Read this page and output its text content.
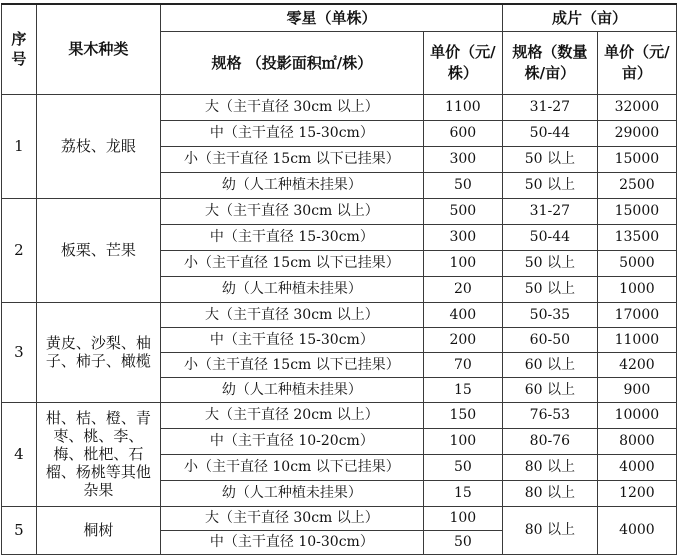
序号	果木种类	零星（单株）		成片（亩）	
		规格 （投影面积㎡/株）	单价（元/株）	规格（数量株/亩）	单价（元/亩）
1	荔枝、龙眼	大（主干直径 30cm 以上）	1100	31-27	32000
		中（主干直径 15-30cm）	600	50-44	29000
		小（主干直径 15cm 以下已挂果）	300	50 以上	15000
		幼（人工种植未挂果）	50	50 以上	2500
2	板栗、芒果	大（主干直径 30cm 以上）	500	31-27	15000
		中（主干直径 15-30cm）	300	50-44	13500
		小（主干直径 15cm 以下已挂果）	100	50 以上	5000
		幼（人工种植未挂果）	20	50 以上	1000
3	黄皮、沙梨、柚子、柿子、橄榄	大（主干直径 30cm 以上）	400	50-35	17000
		中（主干直径 15-30cm）	200	60-50	11000
		小（主干直径 15cm 以下已挂果）	70	60 以上	4200
		幼（人工种植未挂果）	15	60 以上	900
4	柑、桔、橙、青枣、桃、李、梅、枇杷、石榴、杨桃等其他杂果	大（主干直径 20cm 以上）	150	76-53	10000
		中（主干直径 10-20cm）	100	80-76	8000
		小（主干直径 10cm 以下已挂果）	50	80 以上	4000
		幼（人工种植未挂果）	15	80 以上	1200
5	桐树	大（主干直径 30cm 以上）	100	80 以上	4000
		中（主干直径 10-30cm）	50		
